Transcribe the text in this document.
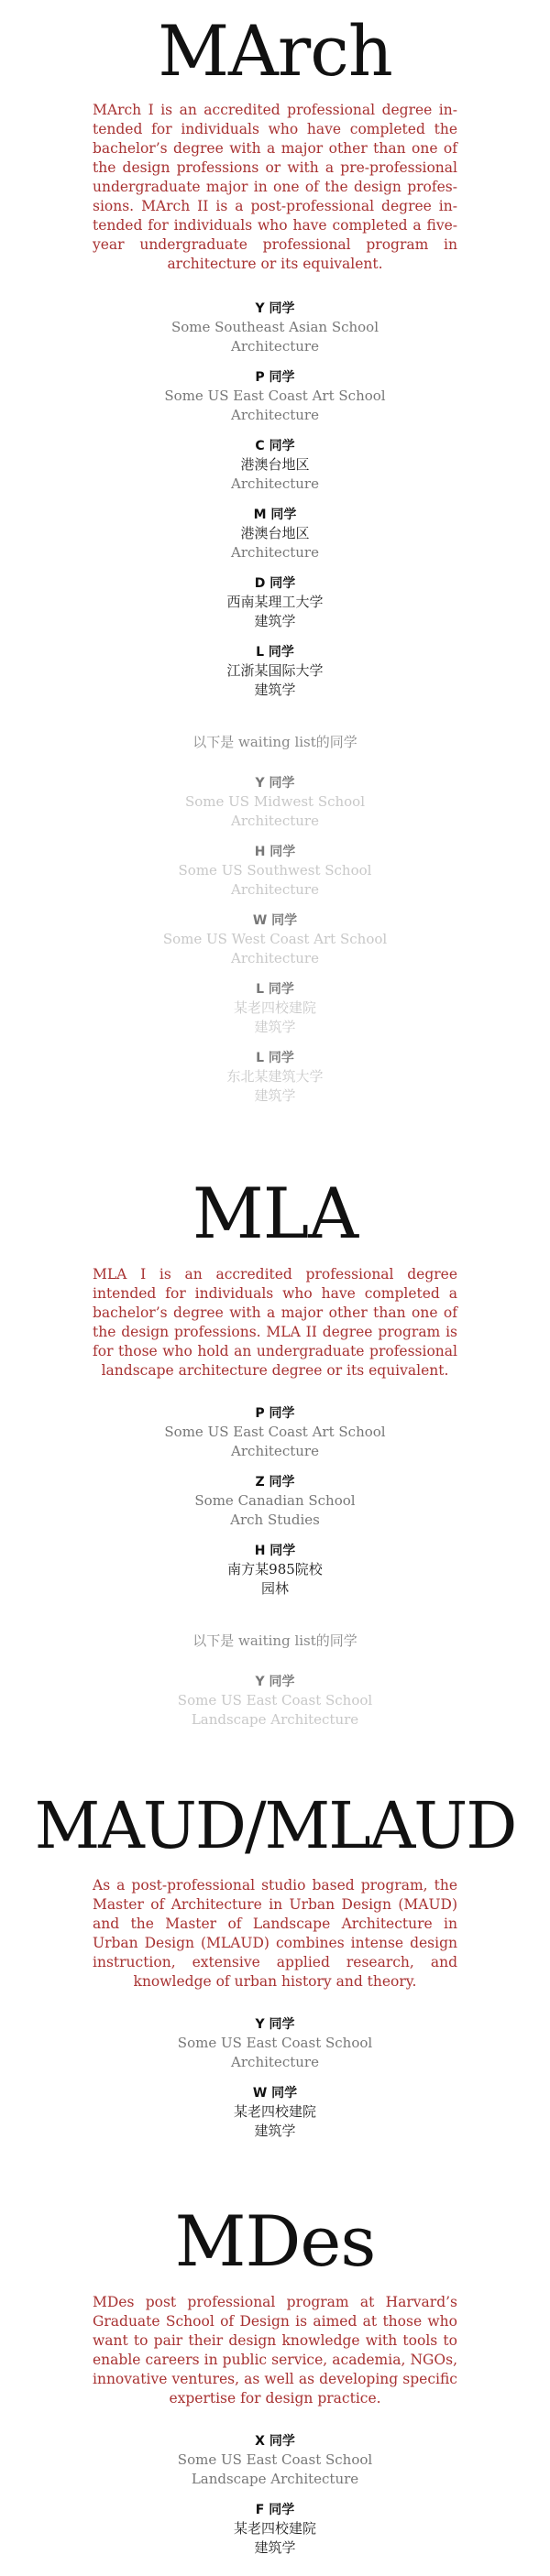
MArch

MArch I is an accredited professional degree intended for individuals who have completed the bachelor’s degree with a major other than one of the design professions or with a pre-professional undergraduate major in one of the design professions. MArch II is a post-professional degree intended for individuals who have completed a five-year undergraduate professional program in architecture or its equivalent.

Y 同学
Some Southeast Asian School
Architecture
P 同学
Some US East Coast Art School
Architecture
C 同学
港澳台地区
Architecture
M 同学
港澳台地区
Architecture
D 同学
西南某理工大学
建筑学
L 同学
江浙某国际大学
建筑学
以下是 waiting list的同学
Y 同学
Some US Midwest School
Architecture
H 同学
Some US Southwest School
Architecture
W 同学
Some US West Coast Art School
Architecture
L 同学
某老四校建院
建筑学
L 同学
东北某建筑大学
建筑学
MLA

MLA I is an accredited professional degree intended for individuals who have completed a bachelor’s degree with a major other than one of the design professions. MLA II degree program is for those who hold an undergraduate professional landscape architecture degree or its equivalent.

P 同学
Some US East Coast Art School
Architecture
Z 同学
Some Canadian School
Arch Studies
H 同学
南方某985院校
园林
以下是 waiting list的同学
Y 同学
Some US East Coast School
Landscape Architecture
MAUD/MLAUD

As a post-professional studio based program, the Master of Architecture in Urban Design (MAUD) and the Master of Landscape Architecture in Urban Design (MLAUD) combines intense design instruction, extensive applied research, and knowledge of urban history and theory.

Y 同学
Some US East Coast School
Architecture
W 同学
某老四校建院
建筑学
MDes

MDes post professional program at Harvard’s Graduate School of Design is aimed at those who want to pair their design knowledge with tools to enable careers in public service, academia, NGOs, innovative ventures, as well as developing specific expertise for design practice.

X 同学
Some US East Coast School
Landscape Architecture
F 同学
某老四校建院
建筑学
